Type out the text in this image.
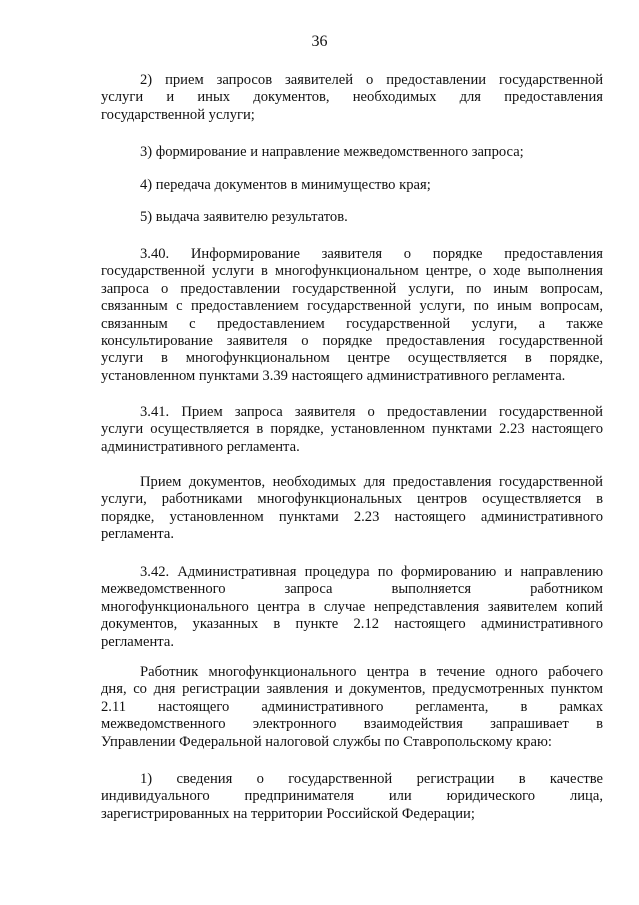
36
2) прием запросов заявителей о предоставлении государственной
услуги и иных документов, необходимых для предоставления
государственной услуги;
3) формирование и направление межведомственного запроса;
4) передача документов в минимущество края;
5) выдача заявителю результатов.
3.40. Информирование заявителя о порядке предоставления
государственной услуги в многофункциональном центре, о ходе выполнения
запроса о предоставлении государственной услуги, по иным вопросам,
связанным с предоставлением государственной услуги, по иным вопросам,
связанным с предоставлением государственной услуги, а также
консультирование заявителя о порядке предоставления государственной
услуги в многофункциональном центре осуществляется в порядке,
установленном пунктами 3.39 настоящего административного регламента.
3.41. Прием запроса заявителя о предоставлении государственной
услуги осуществляется в порядке, установленном пунктами 2.23 настоящего
административного регламента.
Прием документов, необходимых для предоставления государственной
услуги, работниками многофункциональных центров осуществляется в
порядке, установленном пунктами 2.23 настоящего административного
регламента.
3.42. Административная процедура по формированию и направлению
межведомственного запроса выполняется работником
многофункционального центра в случае непредставления заявителем копий
документов, указанных в пункте 2.12 настоящего административного
регламента.
Работник многофункционального центра в течение одного рабочего
дня, со дня регистрации заявления и документов, предусмотренных пунктом
2.11 настоящего административного регламента, в рамках
межведомственного электронного взаимодействия запрашивает в
Управлении Федеральной налоговой службы по Ставропольскому краю:
1) сведения о государственной регистрации в качестве
индивидуального предпринимателя или юридического лица,
зарегистрированных на территории Российской Федерации;
